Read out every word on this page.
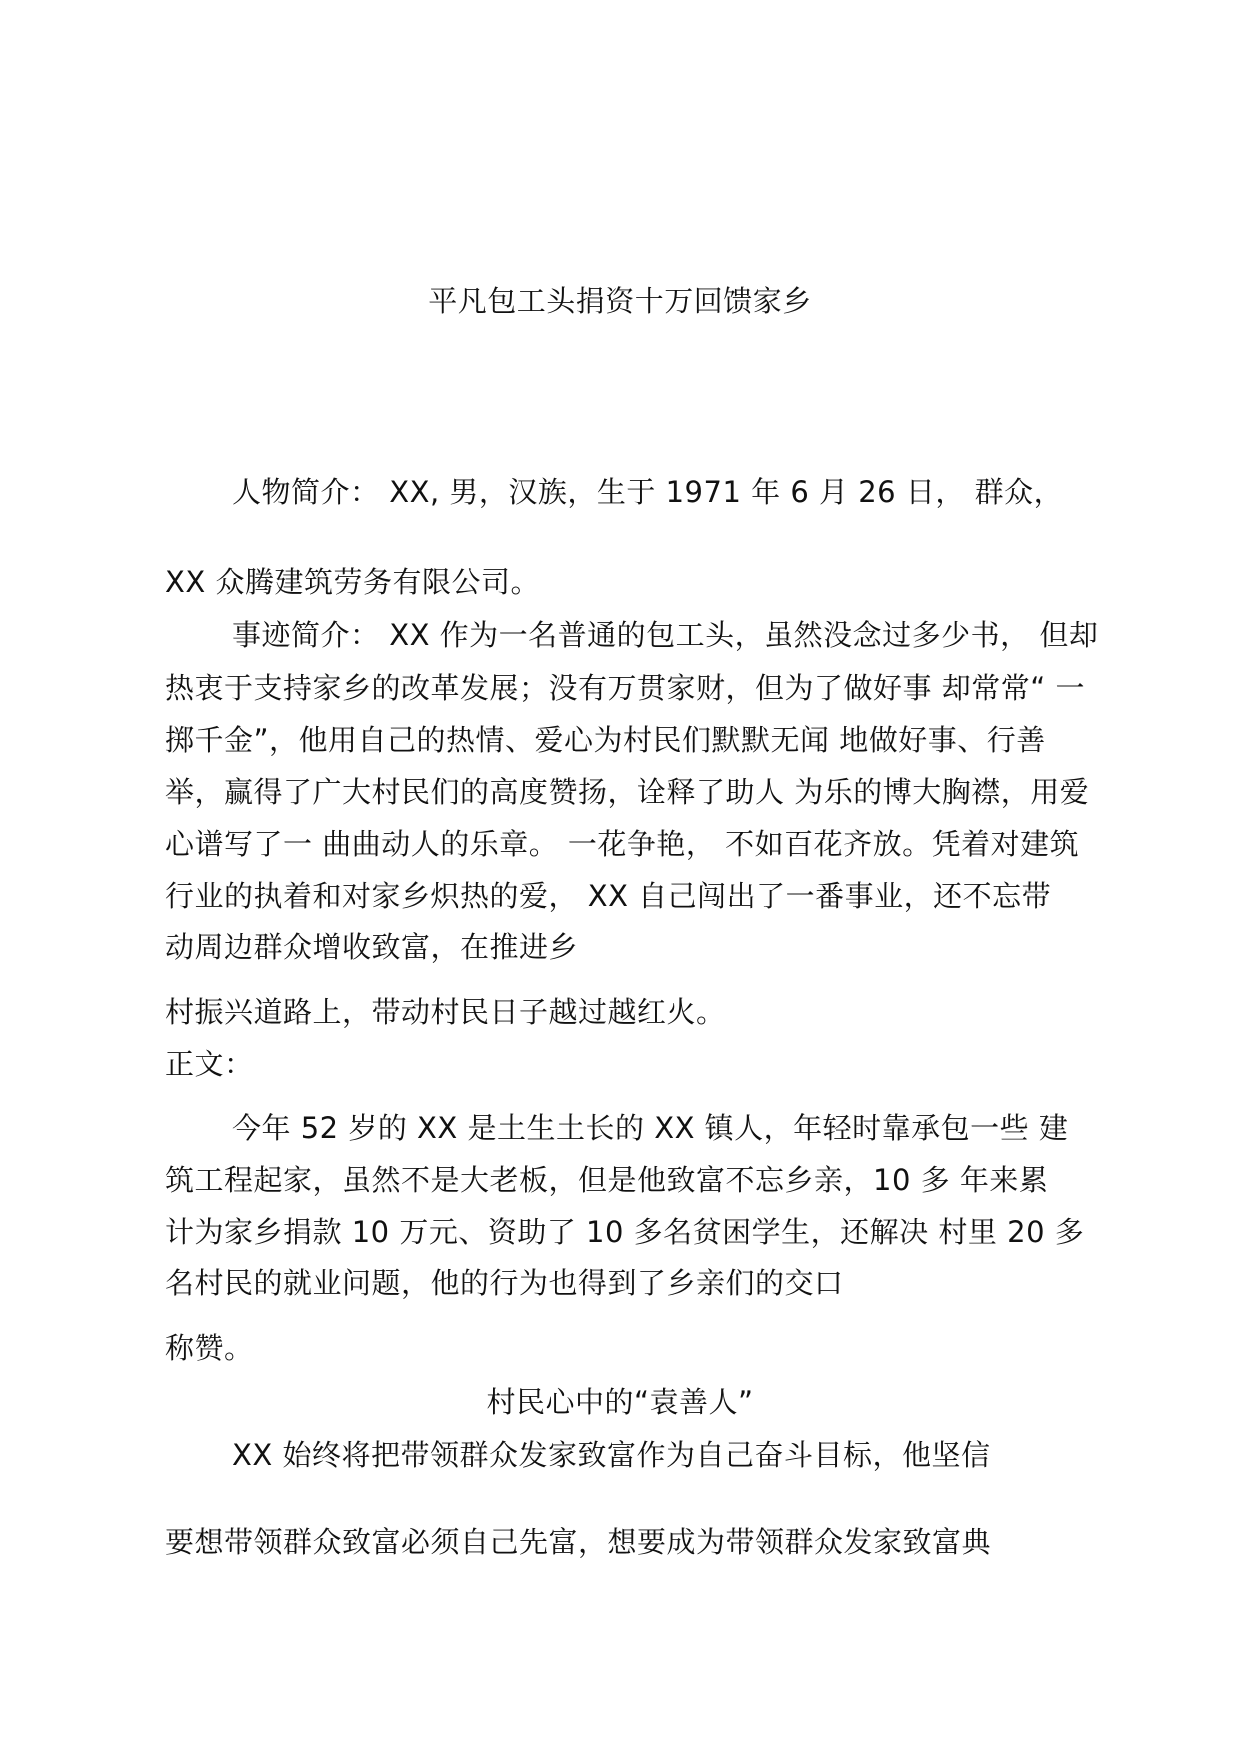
平凡包工头捐资十万回馈家乡
人物简介： XX, 男，汉族，生于 1971 年 6 月 26 日， 群众，
XX 众腾建筑劳务有限公司。
事迹简介： XX 作为一名普通的包工头，虽然没念过多少书， 但却
热衷于支持家乡的改革发展；没有万贯家财，但为了做好事 却常常“ 一
掷千金”，他用自己的热情、爱心为村民们默默无闻 地做好事、行善
举，赢得了广大村民们的高度赞扬，诠释了助人 为乐的博大胸襟，用爱
心谱写了一 曲曲动人的乐章。 一花争艳， 不如百花齐放。凭着对建筑
行业的执着和对家乡炽热的爱， XX 自己闯出了一番事业，还不忘带
动周边群众增收致富，在推进乡
村振兴道路上，带动村民日子越过越红火。
正文：
今年 52 岁的 XX 是土生土长的 XX 镇人，年轻时靠承包一些 建
筑工程起家，虽然不是大老板，但是他致富不忘乡亲，10 多 年来累
计为家乡捐款 10 万元、资助了 10 多名贫困学生，还解决 村里 20 多
名村民的就业问题，他的行为也得到了乡亲们的交口
称赞。
村民心中的“袁善人”
XX 始终将把带领群众发家致富作为自己奋斗目标，他坚信
要想带领群众致富必须自己先富，想要成为带领群众发家致富典
